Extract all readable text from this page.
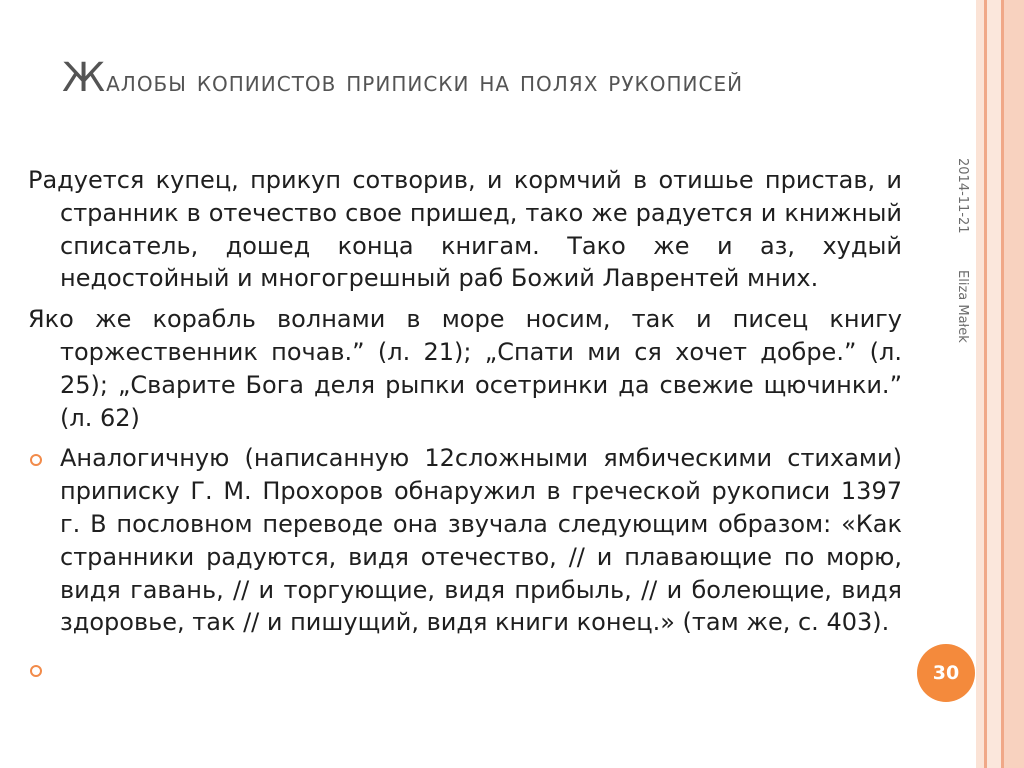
Жалобы копиистов приписки на полях рукописей
2014-11-21
Eliza Małek

Радуется купец, прикуп сотворив, и кормчий в отишье пристав, и странник в отечество свое пришед, тако же радуется и книжный списатель, дошед конца книгам. Тако же и аз, худый недостойный и многогрешный раб Божий Лаврентей мних.

Яко же корабль волнами в море носим, так и писец книгу торжественник почав.” (л. 21); „Спати ми ся хочет добре.” (л. 25); „Сварите Бога деля рыпки осетринки да свежие щючинки.” (л. 62)

Аналогичную (написанную 12сложными ямбическими стихами) приписку Г. М. Прохоров обнаружил в греческой рукописи 1397 г. В пословном переводе она звучала следующим образом: «Как странники радуются, видя отечество, // и плавающие по морю, видя гавань, // и торгующие, видя прибыль, // и болеющие, видя здоровье, так // и пишущий, видя книги конец.» (там же, с. 403).
30
